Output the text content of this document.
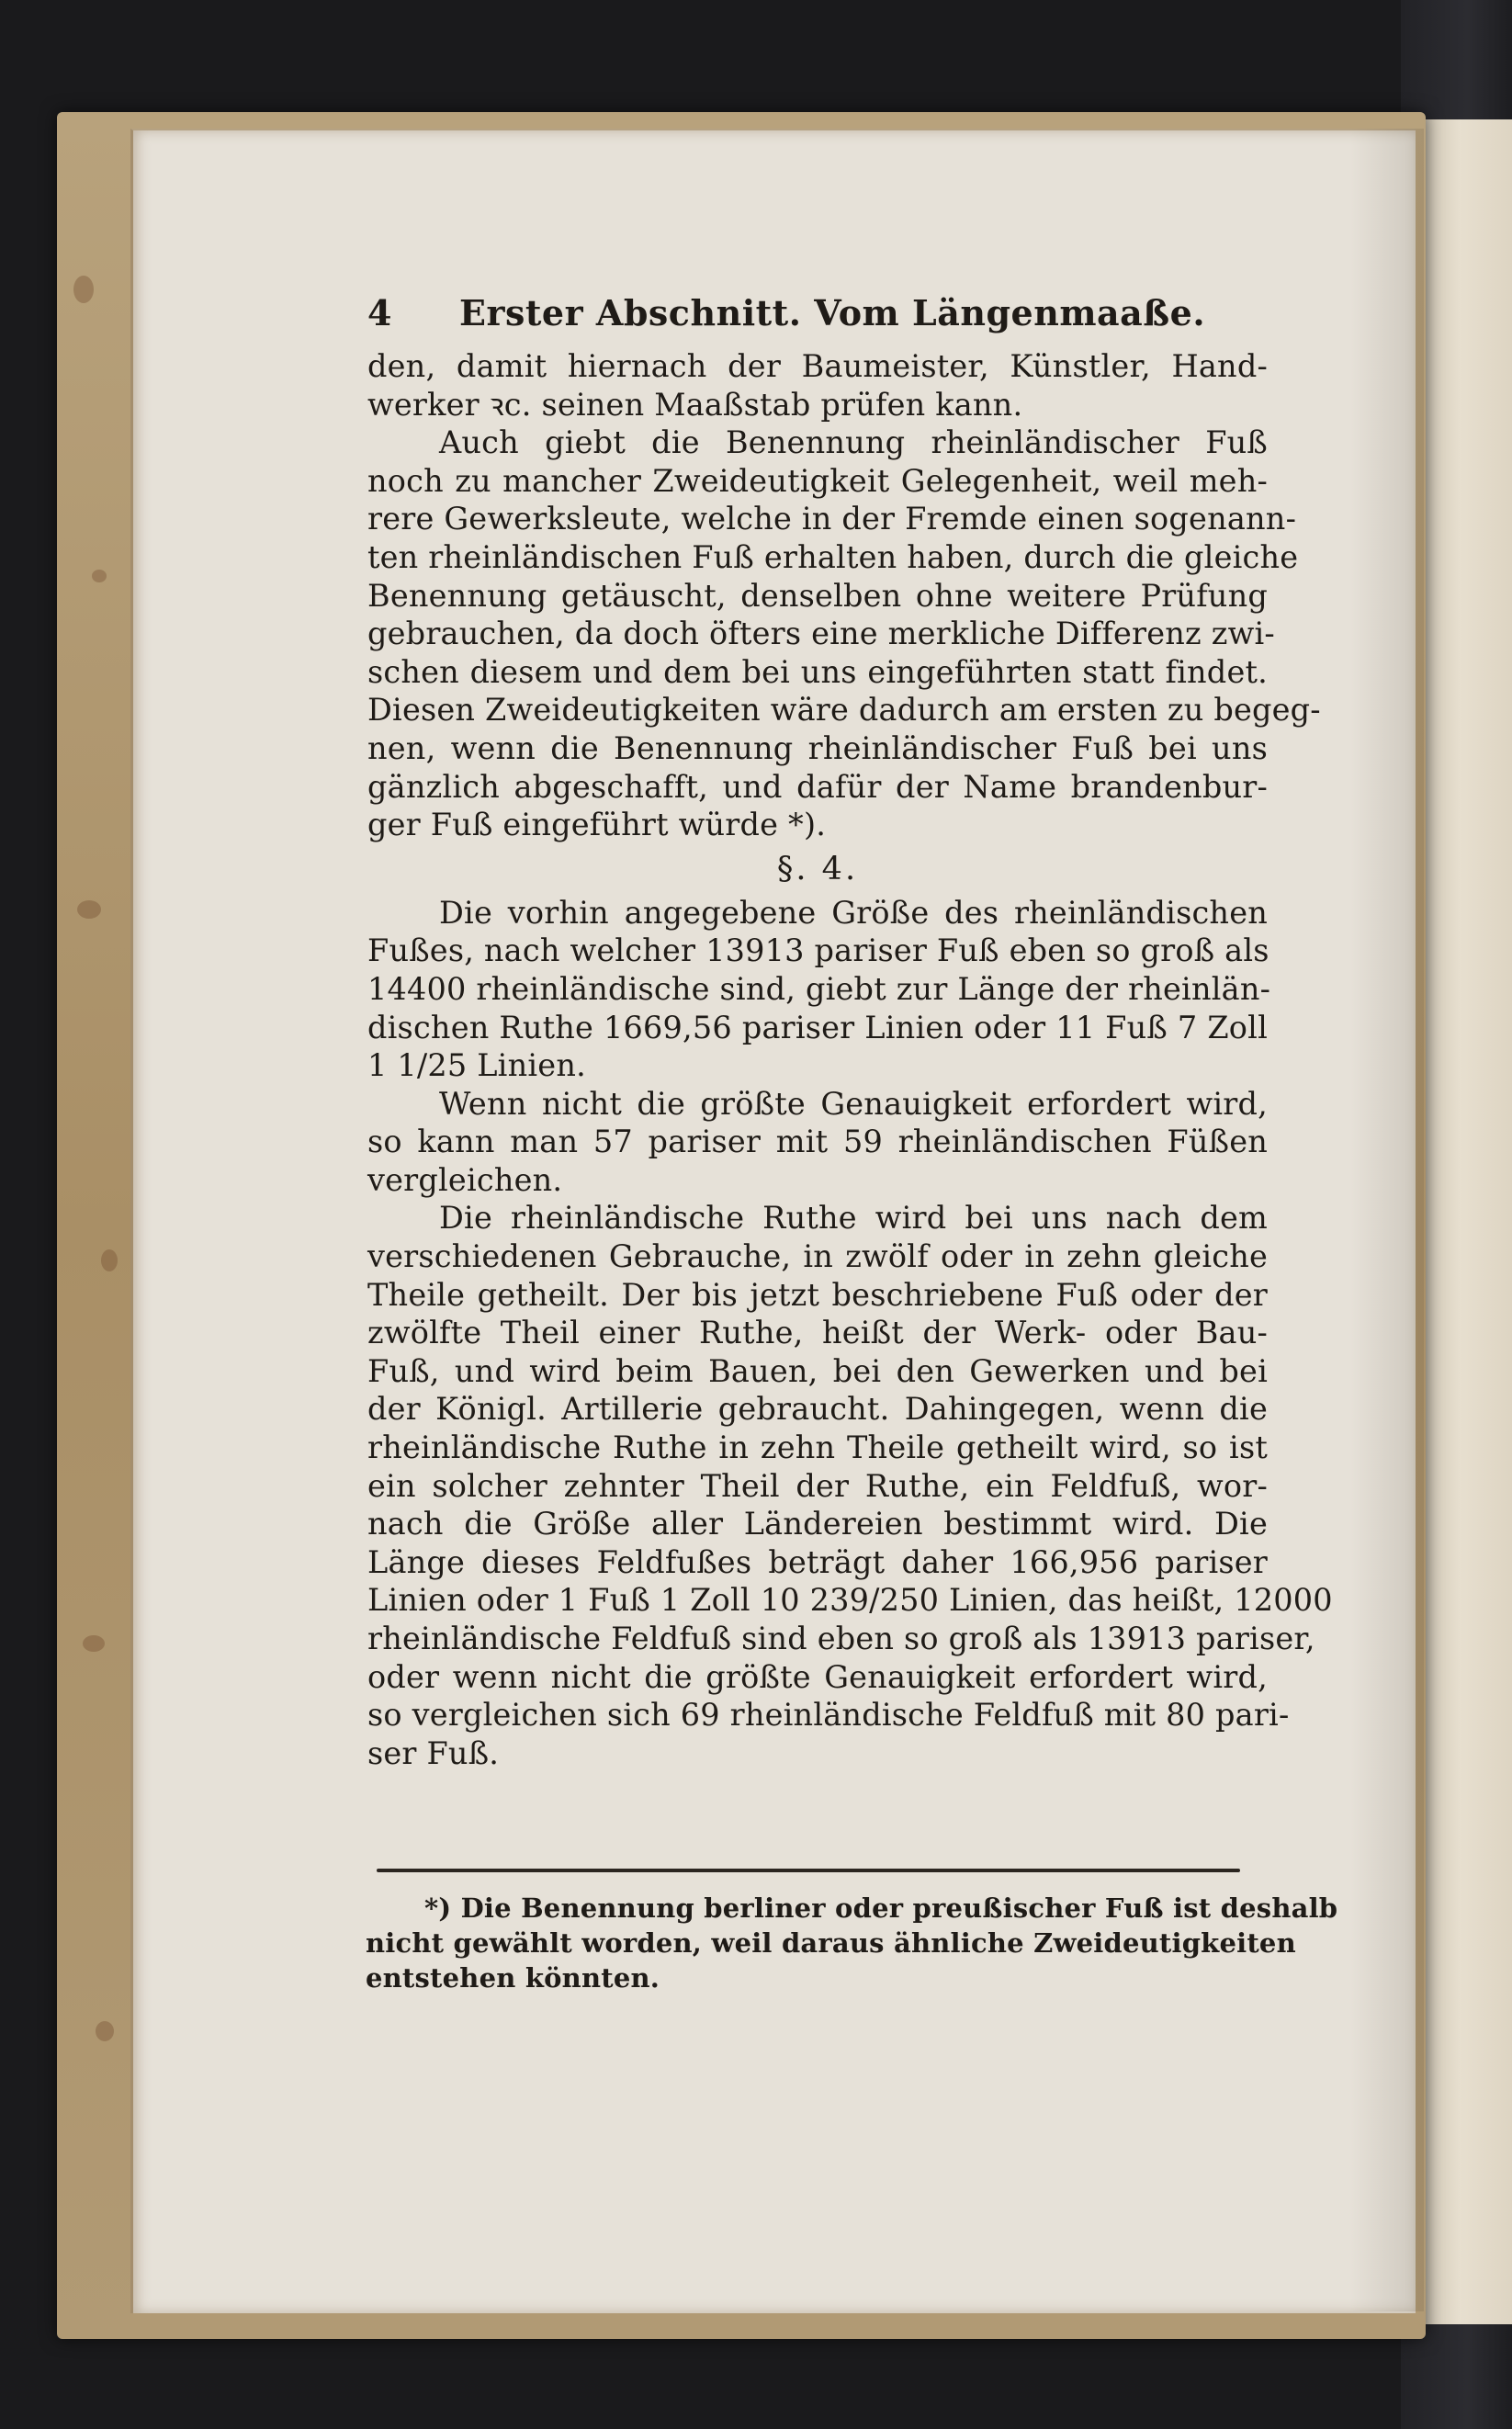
4	Erster Abschnitt. Vom Längenmaaße.
den, damit hiernach der Baumeister, Künstler, Hand-
werker ꝛc. seinen Maaßstab prüfen kann.
Auch giebt die Benennung rheinländischer Fuß
noch zu mancher Zweideutigkeit Gelegenheit, weil meh-
rere Gewerksleute, welche in der Fremde einen sogenann-
ten rheinländischen Fuß erhalten haben, durch die gleiche
Benennung getäuscht, denselben ohne weitere Prüfung
gebrauchen, da doch öfters eine merkliche Differenz zwi-
schen diesem und dem bei uns eingeführten statt findet.
Diesen Zweideutigkeiten wäre dadurch am ersten zu begeg-
nen, wenn die Benennung rheinländischer Fuß bei uns
gänzlich abgeschafft, und dafür der Name brandenbur-
ger Fuß eingeführt würde *).
§. 4.
Die vorhin angegebene Größe des rheinländischen
Fußes, nach welcher 13913 pariser Fuß eben so groß als
14400 rheinländische sind, giebt zur Länge der rheinlän-
dischen Ruthe 1669,56 pariser Linien oder 11 Fuß 7 Zoll
1 1/25 Linien.
Wenn nicht die größte Genauigkeit erfordert wird,
so kann man 57 pariser mit 59 rheinländischen Füßen
vergleichen.
Die rheinländische Ruthe wird bei uns nach dem
verschiedenen Gebrauche, in zwölf oder in zehn gleiche
Theile getheilt. Der bis jetzt beschriebene Fuß oder der
zwölfte Theil einer Ruthe, heißt der Werk- oder Bau-
Fuß, und wird beim Bauen, bei den Gewerken und bei
der Königl. Artillerie gebraucht. Dahingegen, wenn die
rheinländische Ruthe in zehn Theile getheilt wird, so ist
ein solcher zehnter Theil der Ruthe, ein Feldfuß, wor-
nach die Größe aller Ländereien bestimmt wird. Die
Länge dieses Feldfußes beträgt daher 166,956 pariser
Linien oder 1 Fuß 1 Zoll 10 239/250 Linien, das heißt, 12000
rheinländische Feldfuß sind eben so groß als 13913 pariser,
oder wenn nicht die größte Genauigkeit erfordert wird,
so vergleichen sich 69 rheinländische Feldfuß mit 80 pari-
ser Fuß.
*) Die Benennung berliner oder preußischer Fuß ist deshalb
nicht gewählt worden, weil daraus ähnliche Zweideutigkeiten
entstehen könnten.
